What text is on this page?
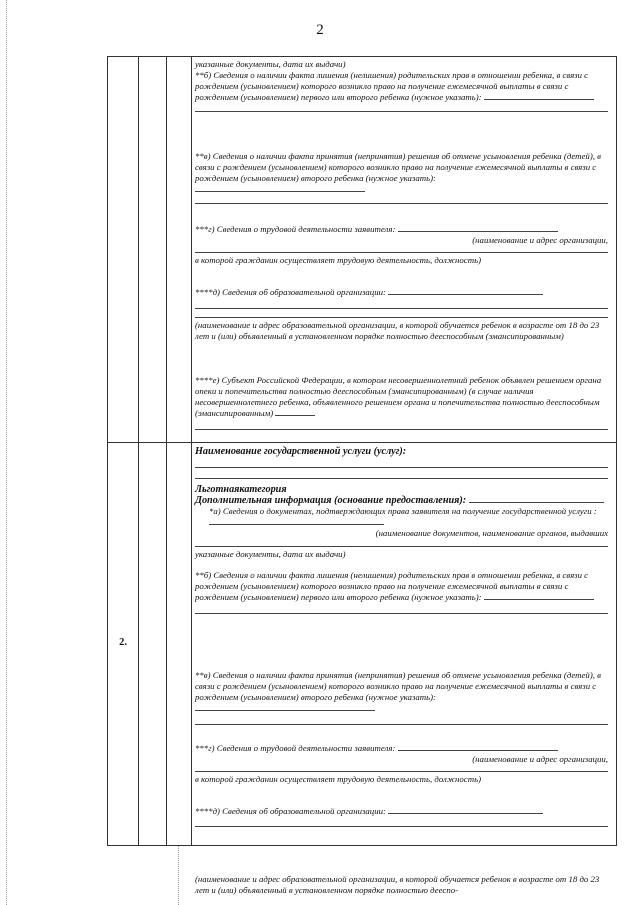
2
2.

указанные документы, дата их выдачи)

**б) Сведения о наличии факта лишения (нелишения) родительских прав в отношении ребенка, в связи с рождением (усыновлением) которого возникло право на получение ежемесячной выплаты в связи с рождением (усыновлением) первого или второго ребенка (нужное указать):

**в) Сведения о наличии факта принятия (непринятия) решения об отмене усыновления ребенка (детей), в связи с рождением (усыновлением) которого возникло право на получение ежемесячной выплаты в связи с рождением (усыновлением) второго ребенка (нужное указать):

***г) Сведения о трудовой деятельности заявителя:

(наименование и адрес организации,

в которой гражданин осуществляет трудовую деятельность, должность)

****д) Сведения об образовательной организации:

(наименование и адрес образовательной организации, в которой обучается ребенок в возрасте от 18 до 23 лет и (или) объявленный в установленном порядке полностью дееспособным (эмансипированным)

****е) Субъект Российской Федерации, в котором несовершеннолетний ребенок объявлен решением органа опеки и попечительства полностью дееспособным (эмансипированным) (в случае наличия несовершеннолетнего ребенка, объявленного решением органа и попечительства полностью дееспособным (эмансипированным)

Наименование государственной услуги (услуг):

Льготнаякатегория

Дополнительная информация (основание предоставления):

*а) Сведения о документах, подтверждающих права заявителя на получение государственной услуги :

(наименование документов, наименование органов, выдавших

указанные документы, дата их выдачи)

**б) Сведения о наличии факта лишения (нелишения) родительских прав в отношении ребенка, в связи с рождением (усыновлением) которого возникло право на получение ежемесячной выплаты в связи с рождением (усыновлением) первого или второго ребенка (нужное указать):

**в) Сведения о наличии факта принятия (непринятия) решения об отмене усыновления ребенка (детей), в связи с рождением (усыновлением) которого возникло право на получение ежемесячной выплаты в связи с рождением (усыновлением) второго ребенка (нужное указать):

***г) Сведения о трудовой деятельности заявителя:

(наименование и адрес организации,

в которой гражданин осуществляет трудовую деятельность, должность)

****д) Сведения об образовательной организации:

(наименование и адрес образовательной организации, в которой обучается ребенок в возрасте от 18 до 23 лет и (или) объявленный в установленном порядке полностью дееспо-
